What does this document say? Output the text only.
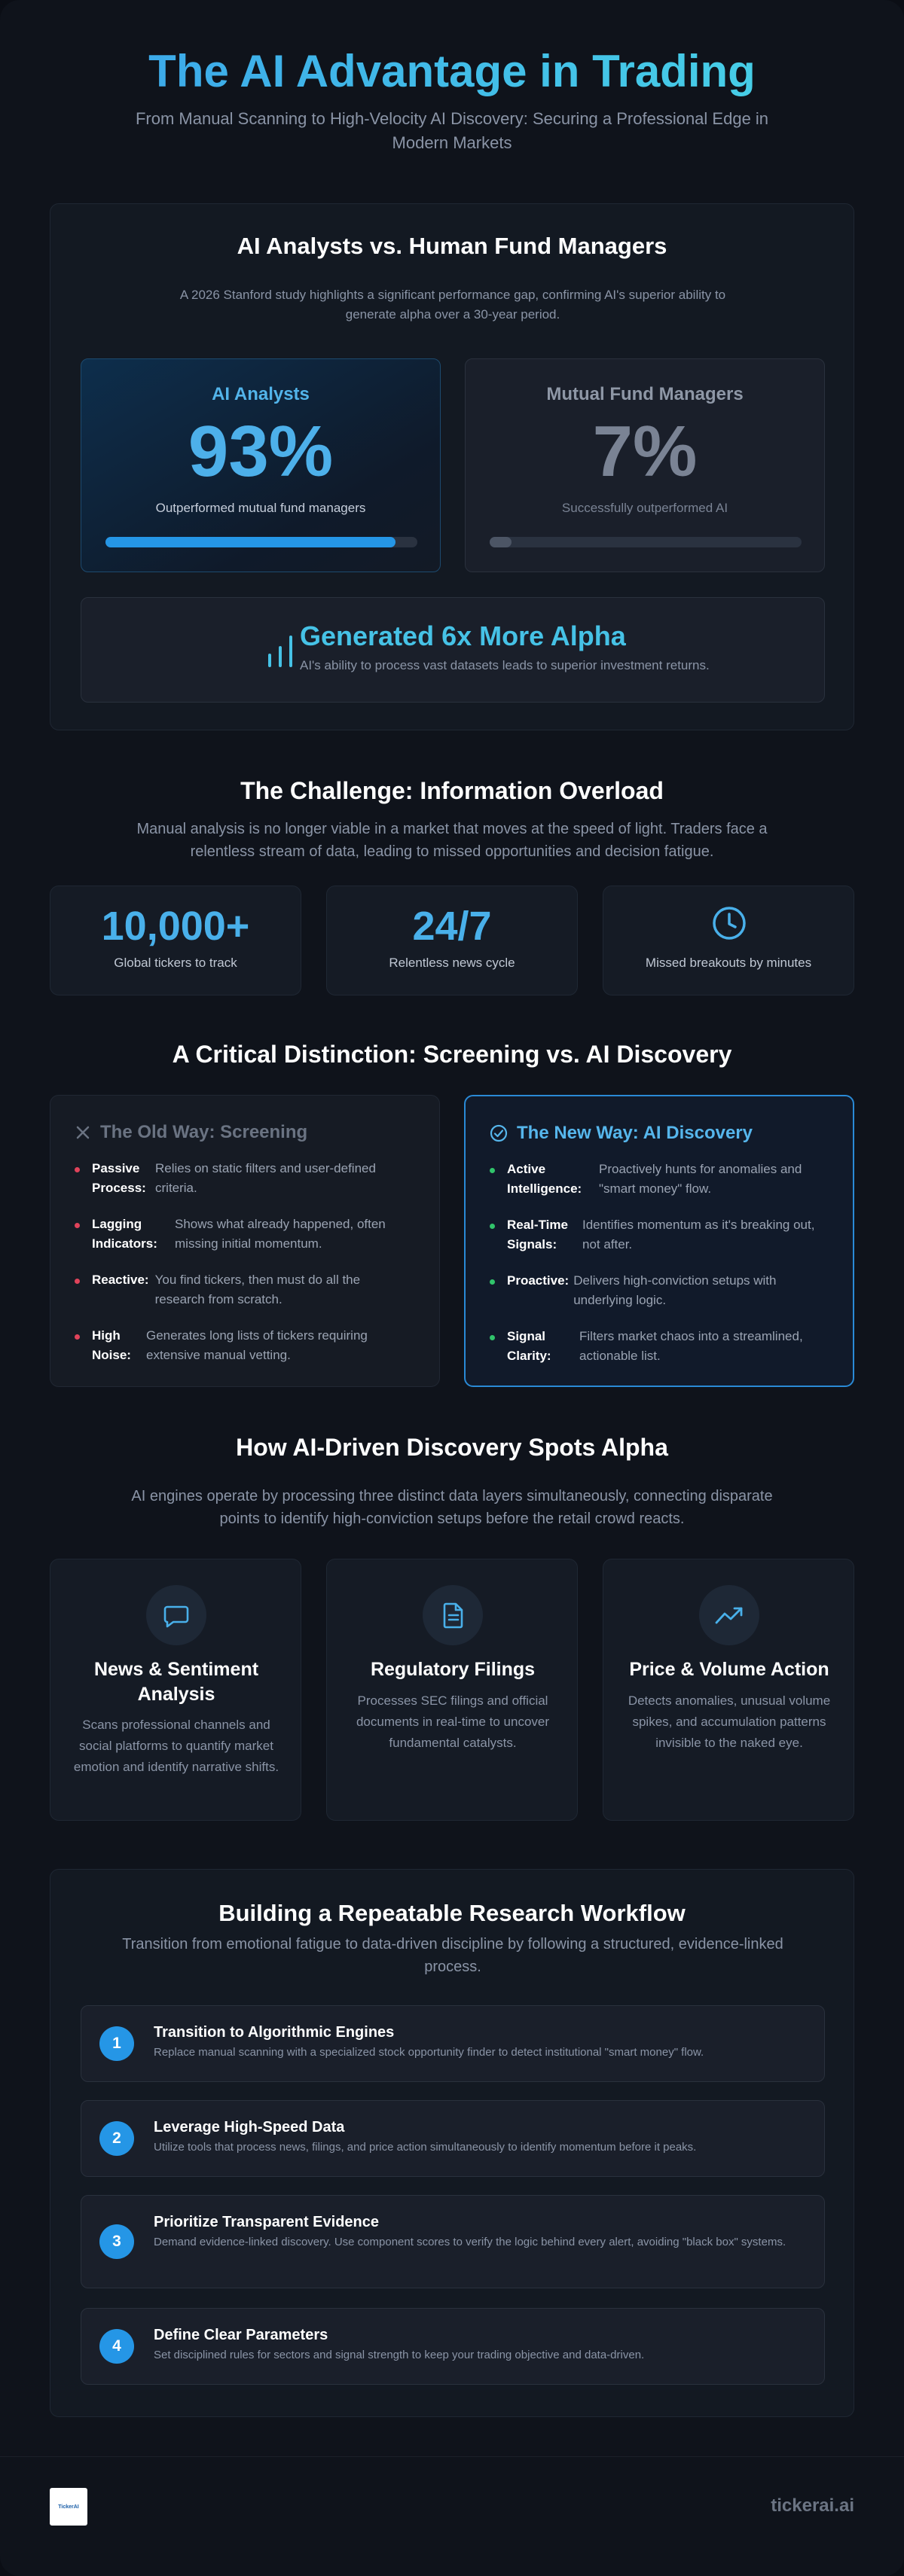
The AI Advantage in Trading
From Manual Scanning to High-Velocity AI Discovery: Securing a Professional Edge in Modern Markets
AI Analysts vs. Human Fund Managers
A 2026 Stanford study highlights a significant performance gap, confirming AI's superior ability to generate alpha over a 30-year period.
AI Analysts
93%
Outperformed mutual fund managers
Mutual Fund Managers
7%
Successfully outperformed AI
Generated 6x More Alpha
AI's ability to process vast datasets leads to superior investment returns.
The Challenge: Information Overload
Manual analysis is no longer viable in a market that moves at the speed of light. Traders face a relentless stream of data, leading to missed opportunities and decision fatigue.
10,000+
Global tickers to track
24/7
Relentless news cycle	Missed breakouts by minutes
A Critical Distinction: Screening vs. AI Discovery
The Old Way: Screening
Passive Process:
Relies on static filters and user-defined criteria.
Lagging Indicators:
Shows what already happened, often missing initial momentum.
Reactive: You find tickers, then must do all the research from scratch.
High Noise:
Generates long lists of tickers requiring extensive manual vetting.
The New Way: AI Discovery
Active Intelligence:
Proactively hunts for anomalies and "smart money" flow.
Real-Time Signals:
Identifies momentum as it's breaking out, not after.
Proactive: Delivers high-conviction setups with underlying logic.
Signal Clarity:
Filters market chaos into a streamlined, actionable list.
How AI-Driven Discovery Spots Alpha
AI engines operate by processing three distinct data layers simultaneously, connecting disparate points to identify high-conviction setups before the retail crowd reacts.
News & Sentiment Analysis
Scans professional channels and social platforms to quantify market emotion and identify narrative shifts.
Regulatory Filings
Processes SEC filings and official documents in real-time to uncover fundamental catalysts.
Price & Volume Action
Detects anomalies, unusual volume spikes, and accumulation patterns invisible to the naked eye.
Building a Repeatable Research Workflow
Transition from emotional fatigue to data-driven discipline by following a structured, evidence-linked process.
1
Transition to Algorithmic Engines
Replace manual scanning with a specialized stock opportunity finder to detect institutional "smart money" flow.
2
Leverage High-Speed Data
Utilize tools that process news, filings, and price action simultaneously to identify momentum before it peaks.
3
Prioritize Transparent Evidence
Demand evidence-linked discovery. Use component scores to verify the logic behind every alert, avoiding "black box" systems.
4
Define Clear Parameters
Set disciplined rules for sectors and signal strength to keep your trading objective and data-driven.
TickerAI	tickerai.ai
